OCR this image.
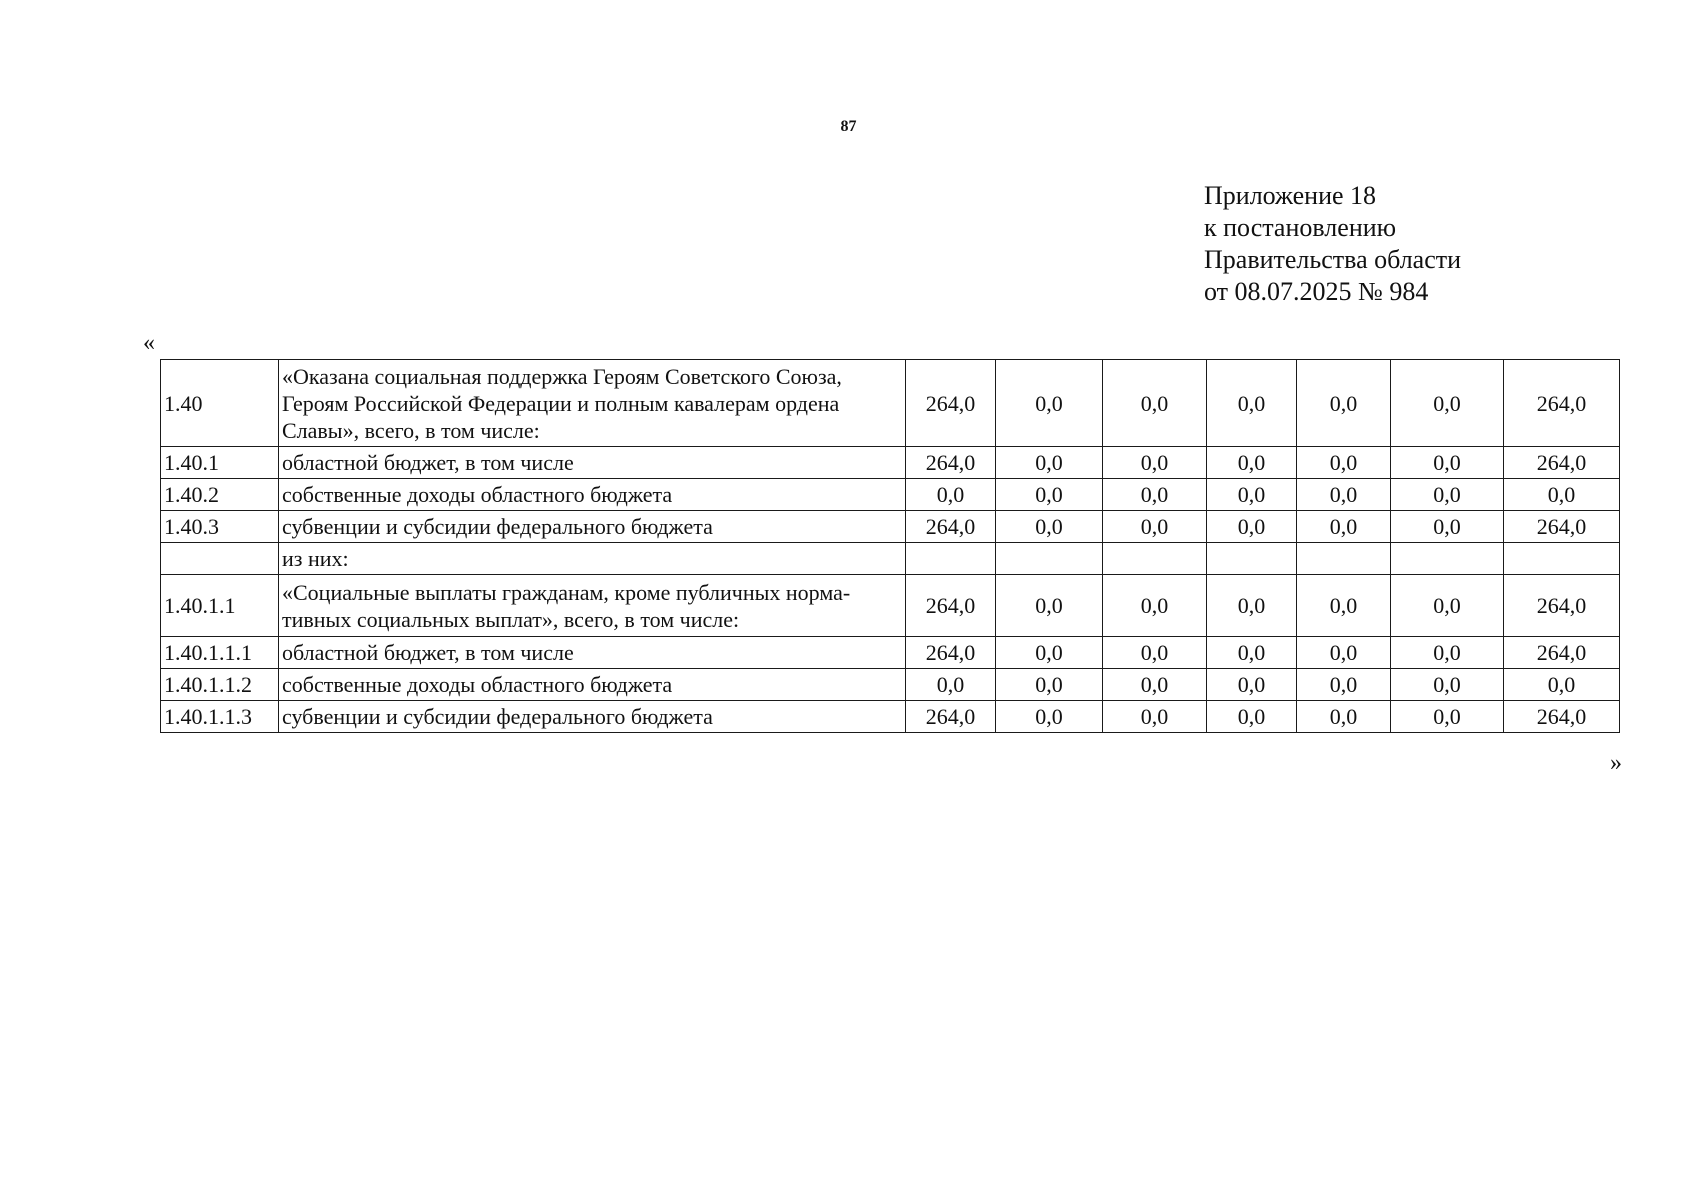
87
Приложение 18
к постановлению
Правительства области
от 08.07.2025 № 984
«
1.40	«Оказана социальная поддержка Героям Советского Союза, Героям Российской Федерации и полным кавалерам ордена Славы», всего, в том числе:	264,0	0,0	0,0	0,0	0,0	0,0	264,0
1.40.1	областной бюджет, в том числе	264,0	0,0	0,0	0,0	0,0	0,0	264,0
1.40.2	собственные доходы областного бюджета	0,0	0,0	0,0	0,0	0,0	0,0	0,0
1.40.3	субвенции и субсидии федерального бюджета	264,0	0,0	0,0	0,0	0,0	0,0	264,0
	из них:							
1.40.1.1	«Социальные выплаты гражданам, кроме публичных норма-тивных социальных выплат», всего, в том числе:	264,0	0,0	0,0	0,0	0,0	0,0	264,0
1.40.1.1.1	областной бюджет, в том числе	264,0	0,0	0,0	0,0	0,0	0,0	264,0
1.40.1.1.2	собственные доходы областного бюджета	0,0	0,0	0,0	0,0	0,0	0,0	0,0
1.40.1.1.3	субвенции и субсидии федерального бюджета	264,0	0,0	0,0	0,0	0,0	0,0	264,0
»
